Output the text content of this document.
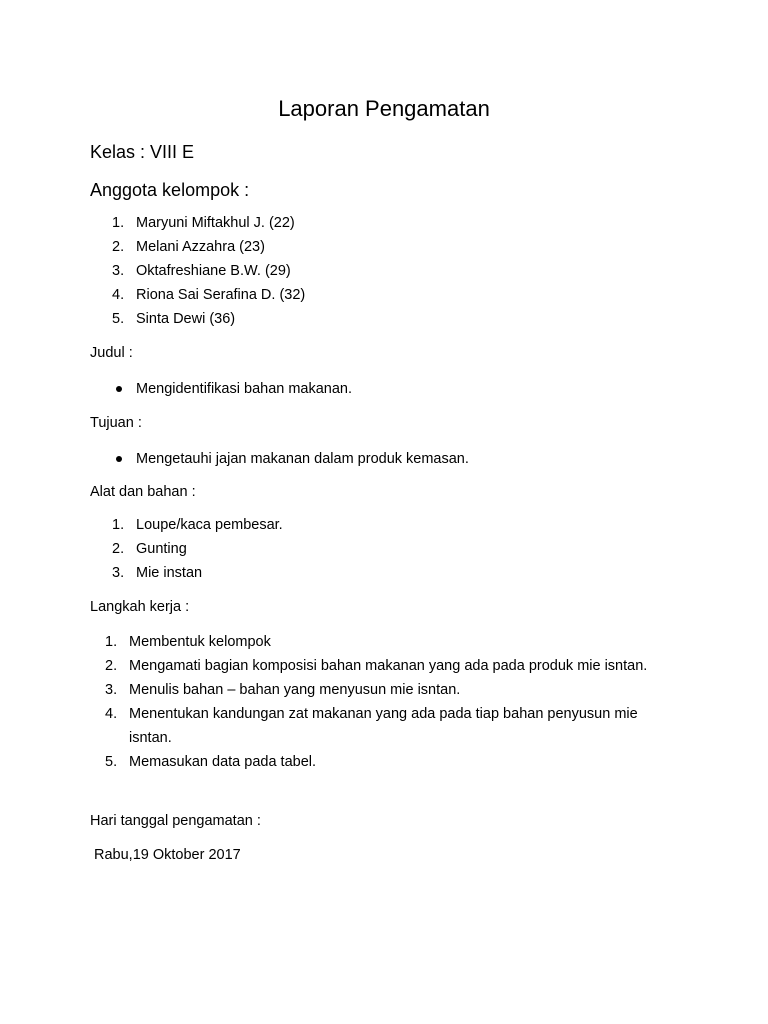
Laporan Pengamatan
Kelas : VIII E
Anggota kelompok :
1. Maryuni Miftakhul J. (22)
2. Melani Azzahra (23)
3. Oktafreshiane B.W. (29)
4. Riona Sai Serafina D. (32)
5. Sinta Dewi (36)
Judul :
Mengidentifikasi bahan makanan.
Tujuan :
Mengetauhi jajan makanan dalam produk kemasan.
Alat dan bahan :
1. Loupe/kaca pembesar.
2. Gunting
3. Mie instan
Langkah kerja :
1. Membentuk kelompok
2. Mengamati bagian komposisi bahan makanan yang ada pada produk mie isntan.
3. Menulis bahan – bahan yang menyusun mie isntan.
4. Menentukan kandungan zat makanan yang ada pada tiap bahan penyusun mie isntan.
5. Memasukan data pada tabel.
Hari tanggal pengamatan :
Rabu,19 Oktober 2017
